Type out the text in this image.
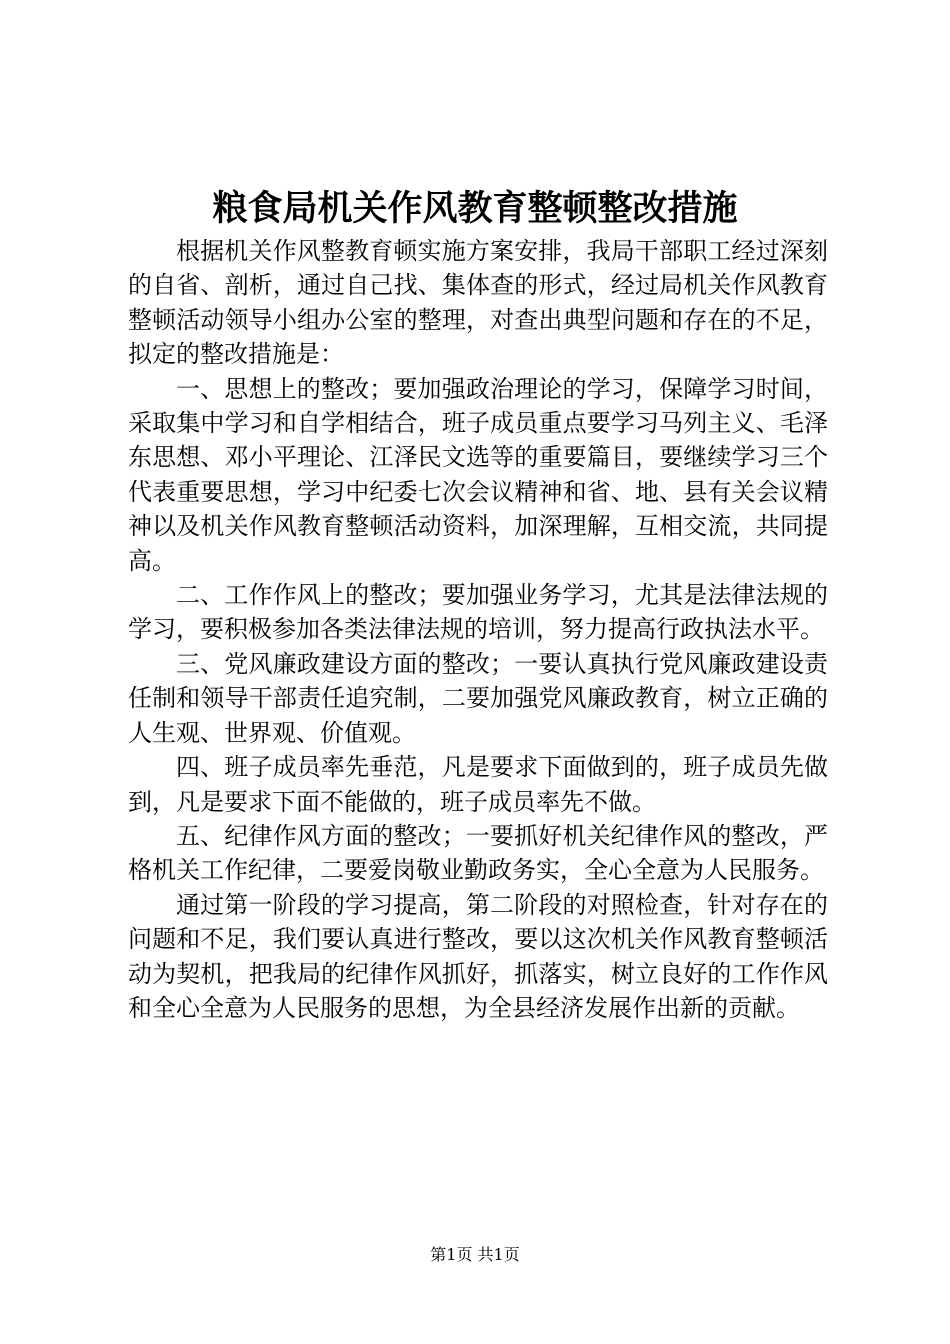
粮食局机关作风教育整顿整改措施

根据机关作风整教育顿实施方案安排，我局干部职工经过深刻的自省、剖析，通过自己找、集体查的形式，经过局机关作风教育整顿活动领导小组办公室的整理，对查出典型问题和存在的不足，拟定的整改措施是：

一、思想上的整改；要加强政治理论的学习，保障学习时间，采取集中学习和自学相结合，班子成员重点要学习马列主义、毛泽东思想、邓小平理论、江泽民文选等的重要篇目，要继续学习三个代表重要思想，学习中纪委七次会议精神和省、地、县有关会议精神以及机关作风教育整顿活动资料，加深理解，互相交流，共同提高。

二、工作作风上的整改；要加强业务学习，尤其是法律法规的学习，要积极参加各类法律法规的培训，努力提高行政执法水平。

三、党风廉政建设方面的整改；一要认真执行党风廉政建设责任制和领导干部责任追究制，二要加强党风廉政教育，树立正确的人生观、世界观、价值观。

四、班子成员率先垂范，凡是要求下面做到的，班子成员先做到，凡是要求下面不能做的，班子成员率先不做。

五、纪律作风方面的整改；一要抓好机关纪律作风的整改，严格机关工作纪律，二要爱岗敬业勤政务实，全心全意为人民服务。

通过第一阶段的学习提高，第二阶段的对照检查，针对存在的问题和不足，我们要认真进行整改，要以这次机关作风教育整顿活动为契机，把我局的纪律作风抓好，抓落实，树立良好的工作作风和全心全意为人民服务的思想，为全县经济发展作出新的贡献。

第1页 共1页
